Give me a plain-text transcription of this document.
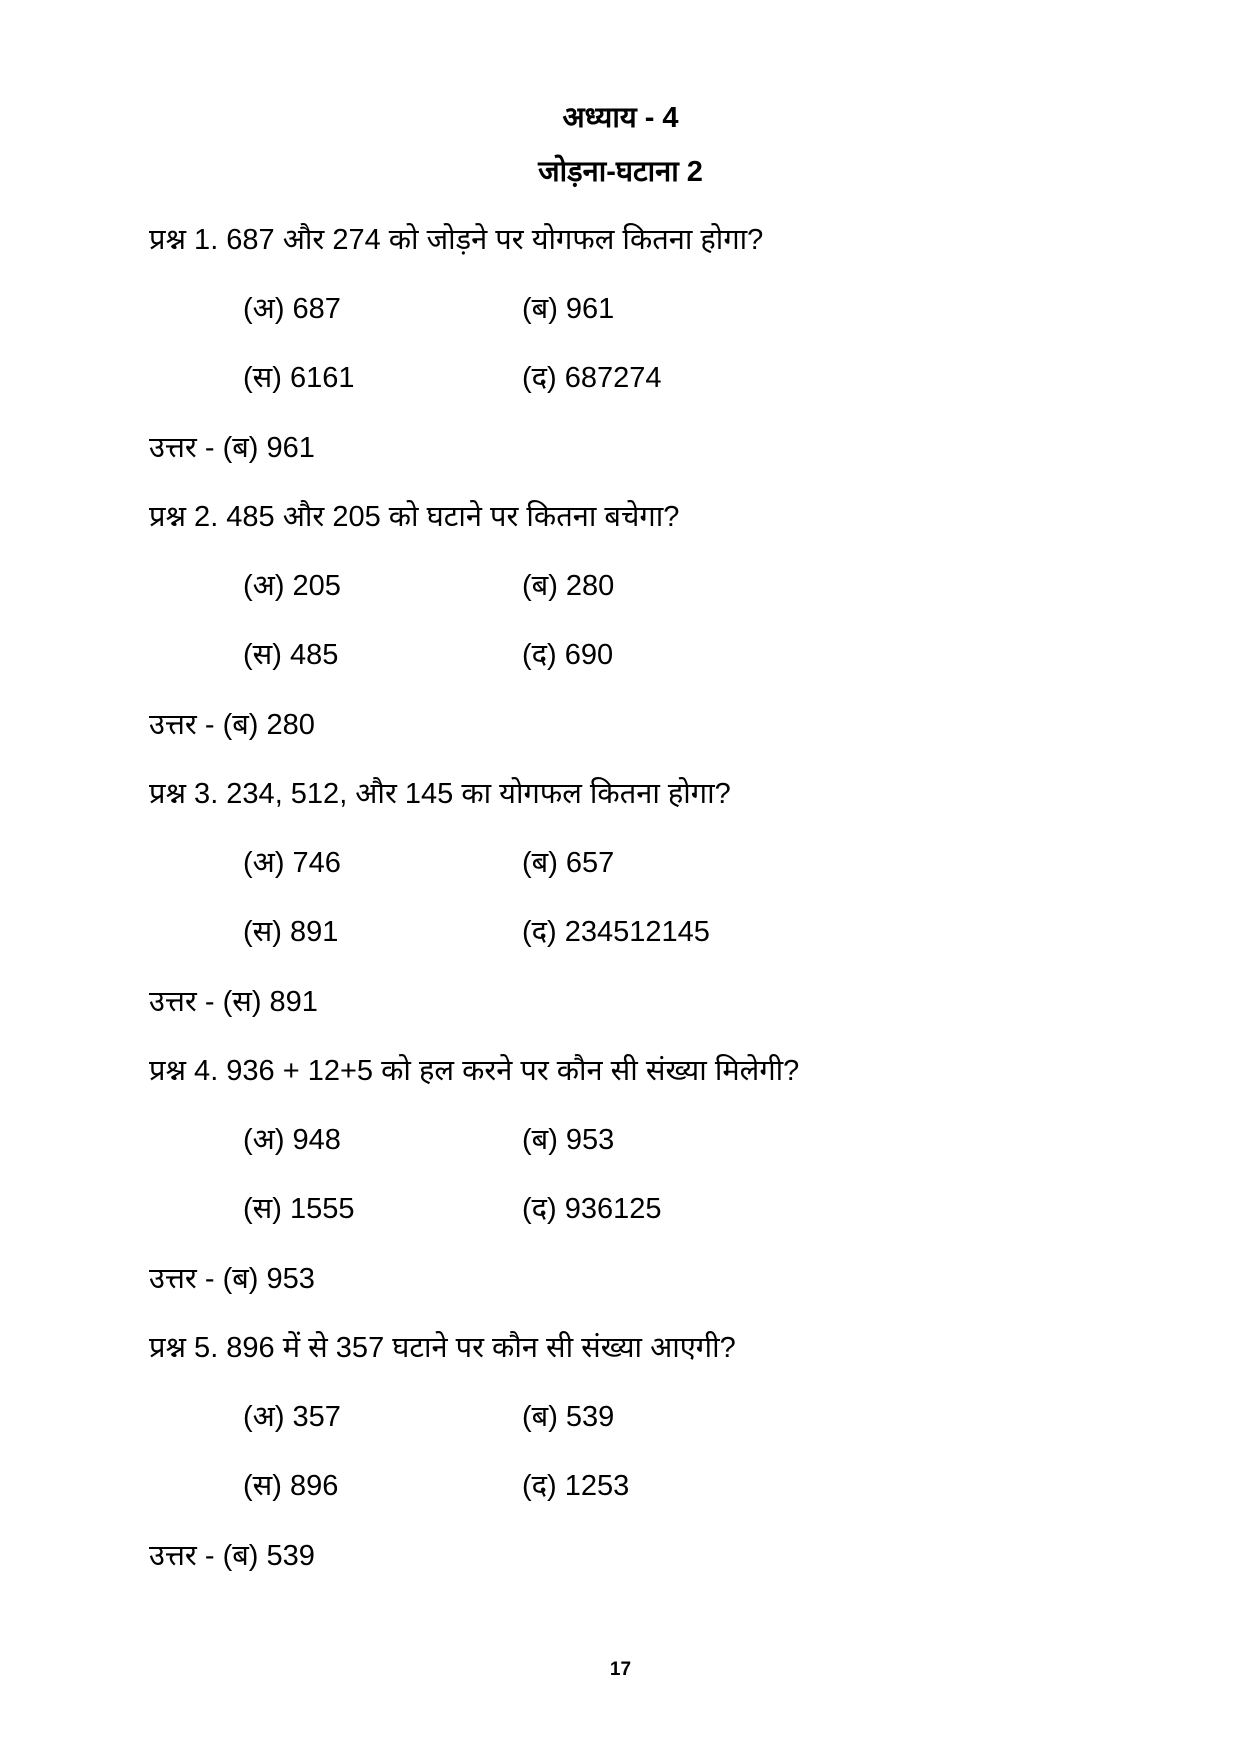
अध्याय - 4
जोड़ना-घटाना 2
प्रश्न 1. 687 और 274 को जोड़ने पर योगफल कितना होगा?
(अ) 687	(ब) 961
(स) 6161	(द) 687274
उत्तर - (ब) 961
प्रश्न 2. 485 और 205 को घटाने पर कितना बचेगा?
(अ) 205	(ब) 280
(स) 485	(द) 690
उत्तर - (ब) 280
प्रश्न 3. 234, 512, और 145 का योगफल कितना होगा?
(अ) 746	(ब) 657
(स) 891	(द) 234512145
उत्तर - (स) 891
प्रश्न 4. 936 + 12+5 को हल करने पर कौन सी संख्या मिलेगी?
(अ) 948	(ब) 953
(स) 1555	(द) 936125
उत्तर - (ब) 953
प्रश्न 5. 896 में से 357 घटाने पर कौन सी संख्या आएगी?
(अ) 357	(ब) 539
(स) 896	(द) 1253
उत्तर - (ब) 539
17
